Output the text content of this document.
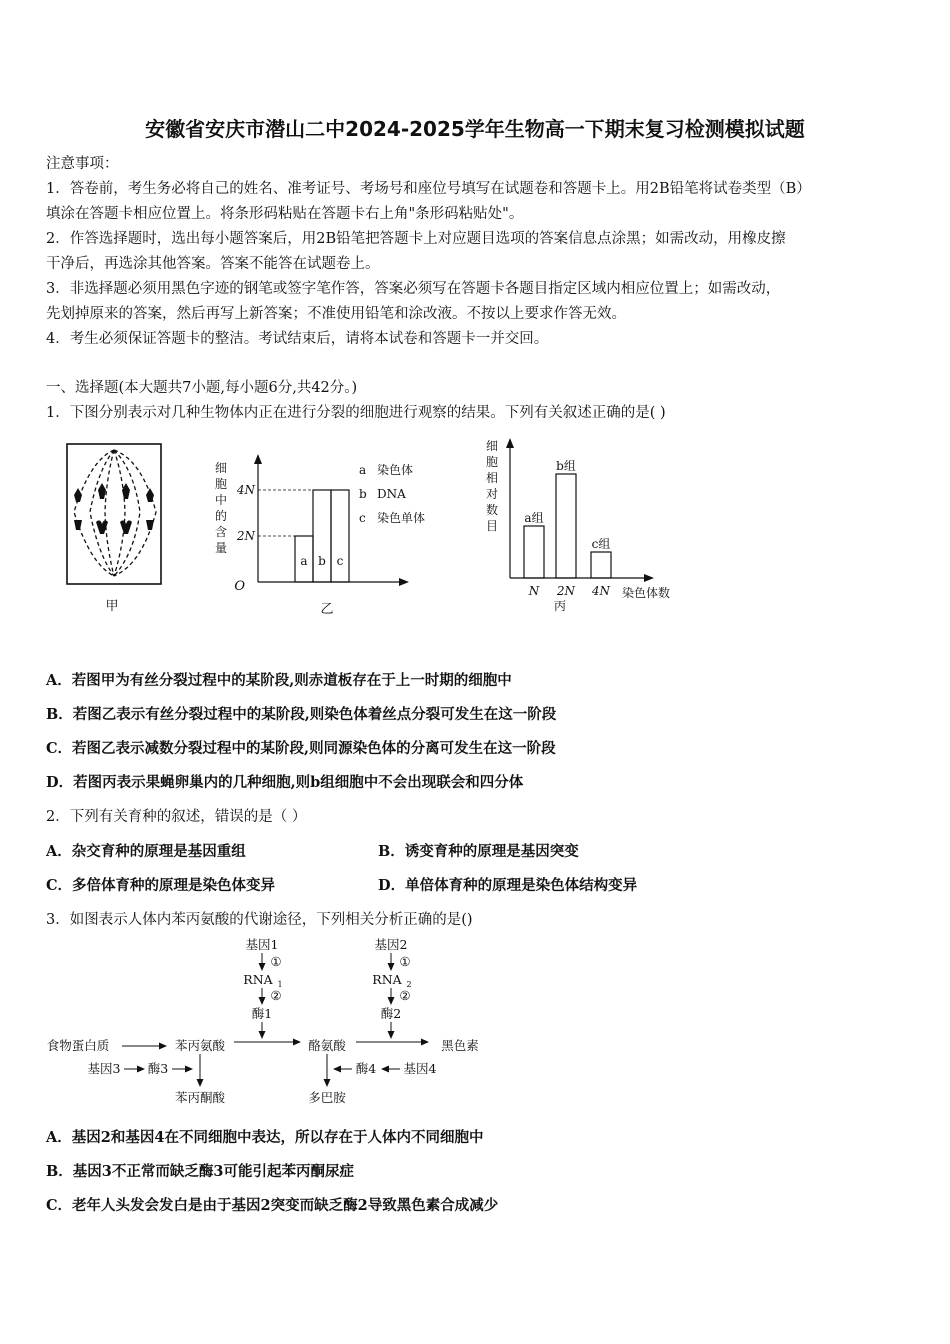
安徽省安庆市潜山二中2024-2025学年生物高一下期末复习检测模拟试题
注意事项：
1．答卷前，考生务必将自己的姓名、准考证号、考场号和座位号填写在试题卷和答题卡上。用2B铅笔将试卷类型（B）
填涂在答题卡相应位置上。将条形码粘贴在答题卡右上角"条形码粘贴处"。
2．作答选择题时，选出每小题答案后，用2B铅笔把答题卡上对应题目选项的答案信息点涂黑；如需改动，用橡皮擦
干净后，再选涂其他答案。答案不能答在试题卷上。
3．非选择题必须用黑色字迹的钢笔或签字笔作答，答案必须写在答题卡各题目指定区域内相应位置上；如需改动，
先划掉原来的答案，然后再写上新答案；不准使用铅笔和涂改液。不按以上要求作答无效。
4．考生必须保证答题卡的整洁。考试结束后，请将本试卷和答题卡一并交回。
一、选择题(本大题共7小题,每小题6分,共42分。)
1．下图分别表示对几种生物体内正在进行分裂的细胞进行观察的结果。下列有关叙述正确的是( )
甲
细
胞
中
的
含
量
O
4N
2N
a b c
a 染色体
b DNA
c 染色单体
乙
细
胞
相
对
数
目
a组
N
b组
2N
c组
4N 染色体数
丙
A．若图甲为有丝分裂过程中的某阶段,则赤道板存在于上一时期的细胞中
B．若图乙表示有丝分裂过程中的某阶段,则染色体着丝点分裂可发生在这一阶段
C．若图乙表示减数分裂过程中的某阶段,则同源染色体的分离可发生在这一阶段
D．若图丙表示果蝇卵巢内的几种细胞,则b组细胞中不会出现联会和四分体
2．下列有关育种的叙述，错误的是（ ）
A．杂交育种的原理是基因重组	B．诱变育种的原理是基因突变
C．多倍体育种的原理是染色体变异	D．单倍体育种的原理是染色体结构变异
3．如图表示人体内苯丙氨酸的代谢途径，下列相关分析正确的是()
基因1
①
RNA 1
②
酶1
基因2
①
RNA 2
②
酶2
食物蛋白质	苯丙氨酸	酪氨酸	黑色素
基因3 酶3
苯丙酮酸	多巴胺
酶4 基因4
A．基因2和基因4在不同细胞中表达，所以存在于人体内不同细胞中
B．基因3不正常而缺乏酶3可能引起苯丙酮尿症
C．老年人头发会发白是由于基因2突变而缺乏酶2导致黑色素合成减少
